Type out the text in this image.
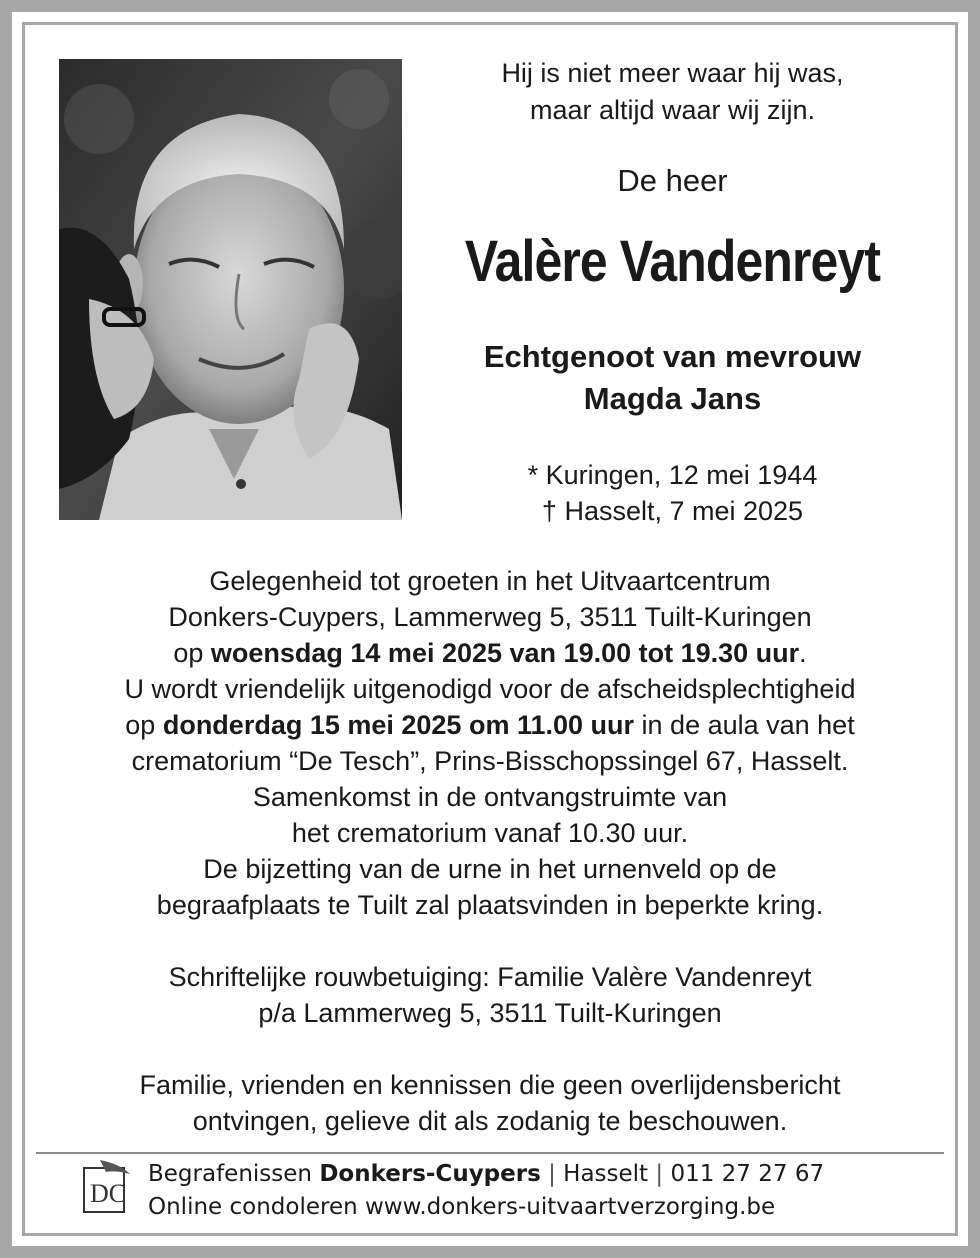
Hij is niet meer waar hij was,
maar altijd waar wij zijn.
De heer
Valère Vandenreyt
Echtgenoot van mevrouw
Magda Jans
* Kuringen, 12 mei 1944
† Hasselt, 7 mei 2025

Gelegenheid tot groeten in het Uitvaartcentrum

Donkers-Cuypers, Lammerweg 5, 3511 Tuilt-Kuringen

op woensdag 14 mei 2025 van 19.00 tot 19.30 uur.

U wordt vriendelijk uitgenodigd voor de afscheidsplechtigheid

op donderdag 15 mei 2025 om 11.00 uur in de aula van het

crematorium “De Tesch”, Prins-Bisschopssingel 67, Hasselt.

Samenkomst in de ontvangstruimte van

het crematorium vanaf 10.30 uur.

De bijzetting van de urne in het urnenveld op de

begraafplaats te Tuilt zal plaatsvinden in beperkte kring.

Schriftelijke rouwbetuiging: Familie Valère Vandenreyt

p/a Lammerweg 5, 3511 Tuilt-Kuringen

Familie, vrienden en kennissen die geen overlijdensbericht

ontvingen, gelieve dit als zodanig te beschouwen.

DC
Begrafenissen Donkers-Cuypers | Hasselt | 011 27 27 67
Online condoleren www.donkers-uitvaartverzorging.be
